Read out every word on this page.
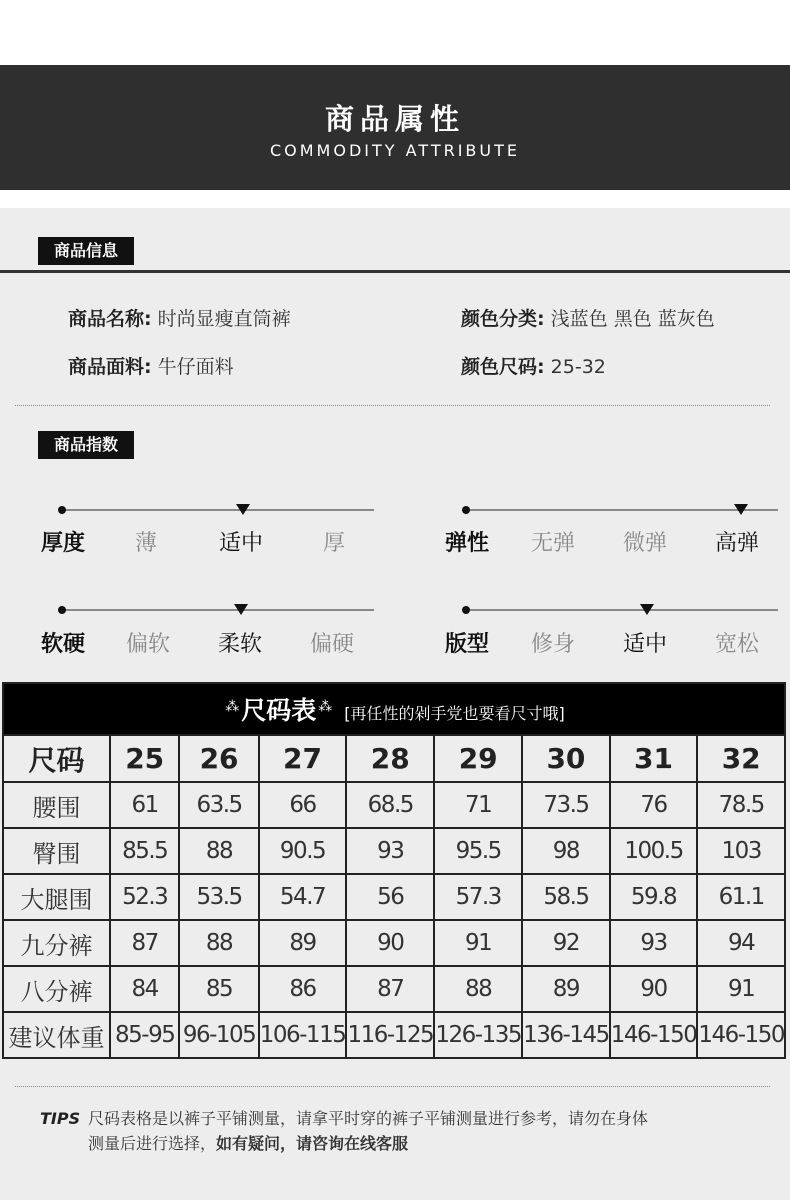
商品属性
COMMODITY ATTRIBUTE
商品信息
商品名称: 时尚显瘦直筒裤	颜色分类: 浅蓝色 黑色 蓝灰色
商品面料: 牛仔面料	颜色尺码: 25-32
商品指数
厚度 薄	适中	厚	弹性 无弹 微弹 高弹
软硬 偏软 柔软 偏硬	版型 修身 适中 宽松
⁂尺码表 ⁂ [再任性的剁手党也要看尺寸哦]								
尺码	25	26	27	28	29	30	31	32
腰围	61	63.5	66	68.5	71	73.5	76	78.5
臀围	85.5	88	90.5	93	95.5	98	100.5	103
大腿围	52.3	53.5	54.7	56	57.3	58.5	59.8	61.1
九分裤	87	88	89	90	91	92	93	94
八分裤	84	85	86	87	88	89	90	91
建议体重	85-95	96-105	106-115	116-125	126-135	136-145	146-150	146-150
TIPS 尺码表格是以裤子平铺测量，请拿平时穿的裤子平铺测量进行参考，请勿在身体
测量后进行选择，如有疑问，请咨询在线客服
